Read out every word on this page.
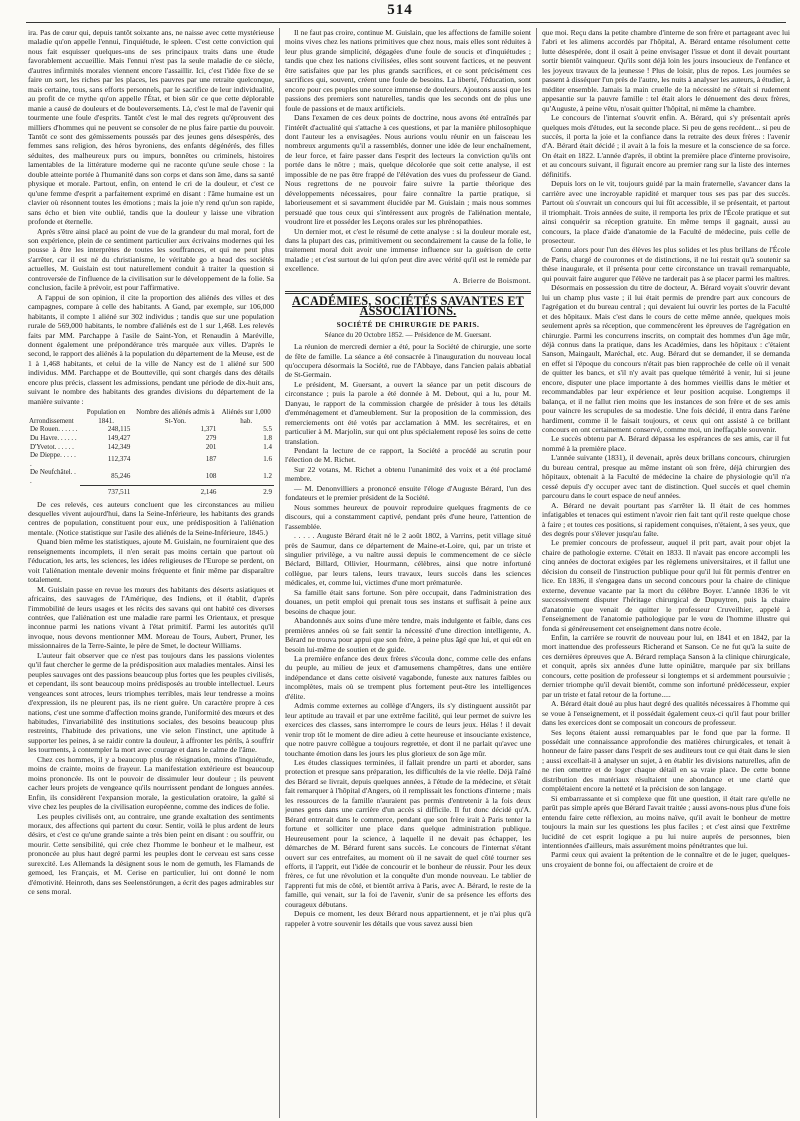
514

ira. Pas de cœur qui, depuis tantôt soixante ans, ne naisse avec cette mystérieuse maladie qu'on appelle l'ennui, l'inquiétude, le spleen. C'est cette conviction qui nous fait esquisser quelques-uns de ses principaux traits dans une étude favorablement accueillie. Mais l'ennui n'est pas la seule maladie de ce siècle, d'autres infirmités morales viennent encore l'assaillir. Ici, c'est l'idée fixe de se faire un sort, les riches par les places, les pauvres par une retraite quelconque, mais certaine, tous, sans efforts personnels, par le sacrifice de leur individualité, au profit de ce mythe qu'on appelle l'État, et bien sûr ce que cette déplorable manie a causé de douleurs et de bouleversements. Là, c'est le mal de l'avenir qui tourmente une foule d'esprits. Tantôt c'est le mal des regrets qu'éprouvent des milliers d'hommes qui ne peuvent se consoler de ne plus faire partie du pouvoir. Tantôt ce sont des gémissements poussés par des jeunes gens désespérés, des femmes sans religion, des héros byroniens, des enfants dégénérés, des filles séduites, des malheureux purs ou impurs, bonnêtes ou criminels, histoires lamentables de la littérature moderne qui ne raconte qu'une seule chose : la double atteinte portée à l'humanité dans son corps et dans son âme, dans sa santé physique et morale. Partout, enfin, on entend le cri de la douleur, et c'est ce qu'une femme d'esprit a parfaitement exprimé en disant : l'âme humaine est un clavier où résonnent toutes les émotions ; mais la joie n'y rend qu'un son rapide, sans écho et bien vite oublié, tandis que la douleur y laisse une vibration profonde et éternelle.

Après s'être ainsi placé au point de vue de la grandeur du mal moral, fort de son expérience, plein de ce sentiment particulier aux écrivains modernes qui les pousse à être les interprètes de toutes les souffrances, et qui ne peut plus s'arrêter, car il est né du christianisme, le véritable go a head des sociétés actuelles, M. Guislain est tout naturellement conduit à traiter la question si controversée de l'influence de la civilisation sur le développement de la folie. Sa conclusion, facile à prévoir, est pour l'affirmative.

A l'appui de son opinion, il cite la proportion des aliénés des villes et des campagnes, compare à celle des habitants. A Gand, par exemple, sur 106,000 habitants, il compte 1 aliéné sur 302 individus ; tandis que sur une population rurale de 569,000 habitants, le nombre d'aliénés est de 1 sur 1,468. Les relevés faits par MM. Parchappe à l'asile de Saint-Yon, et Renaudin à Maréville, donnent également une prépondérance très marquée aux villes. D'après le second, le rapport des aliénés à la population du département de la Meuse, est de 1 à 1,468 habitants, et celui de la ville de Nancy est de 1 aliéné sur 500 individus. MM. Parchappe et de Boutteville, qui sont chargés dans des détails encore plus précis, classent les admissions, pendant une période de dix-huit ans, suivant le nombre des habitants des grandes divisions du département de la manière suivante :

Arrondissement	Population en 1841.	Nombre des aliénés admis à St-Yon.	Aliénés sur 1,000 hab.
De Rouen. . . . . .	248,115	1,371	5.5
Du Havre. . . . . .	149,427	279	1.8
D'Yvetot. . . . . .	142,349	201	1.4
De Dieppe. . . . . .	112,374	187	1.6
De Neufchâtel. . .	85,246	108	1.2
	737,511	2,146	2.9

De ces relevés, ces auteurs concluent que les circonstances au milieu desquelles vivent aujourd'hui, dans la Seine-Inférieure, les habitants des grands centres de population, constituent pour eux, une prédisposition à l'aliénation mentale. (Notice statistique sur l'asile des aliénés de la Seine-Inférieure, 1845.)

Quand bien même les statistiques, ajoute M. Guislain, ne fourniraient que des renseignements incomplets, il n'en serait pas moins certain que partout où l'éducation, les arts, les sciences, les idées religieuses de l'Europe se perdent, on voit l'aliénation mentale devenir moins fréquente et finir même par disparaître totalement.

M. Guislain passe en revue les mœurs des habitants des déserts asiatiques et africains, des sauvages de l'Amérique, des Indiens, et il établit, d'après l'immobilité de leurs usages et les récits des savans qui ont habité ces diverses contrées, que l'aliénation est une maladie rare parmi les Orientaux, et presque inconnue parmi les nations vivant à l'état primitif. Parmi les autorités qu'il invoque, nous devons mentionner MM. Moreau de Tours, Aubert, Pruner, les missionnaires de la Terre-Sainte, le père de Smet, le docteur Williams.

L'auteur fait observer que ce n'est pas toujours dans les passions violentes qu'il faut chercher le germe de la prédisposition aux maladies mentales. Ainsi les peuples sauvages ont des passions beaucoup plus fortes que les peuples civilisés, et cependant, ils sont beaucoup moins prédisposés au trouble intellectuel. Leurs vengeances sont atroces, leurs triomphes terribles, mais leur tendresse a moins d'expression, ils ne pleurent pas, ils ne rient guère. Un caractère propre à ces nations, c'est une somme d'affection moins grande, l'uniformité des mœurs et des habitudes, l'invariabilité des institutions sociales, des besoins beaucoup plus restreints, l'habitude des privations, une vie selon l'instinct, une aptitude à supporter les peines, à se raidir contre la douleur, à affronter les périls, à souffrir les tourments, à contempler la mort avec courage et dans le calme de l'âme.

Chez ces hommes, il y a beaucoup plus de résignation, moins d'inquiétude, moins de crainte, moins de frayeur. La manifestation extérieure est beaucoup moins prononcée. Ils ont le pouvoir de dissimuler leur douleur ; ils peuvent cacher leurs projets de vengeance qu'ils nourrissent pendant de longues années. Enfin, ils considèrent l'expansion morale, la gesticulation oratoire, la gaîté si vive chez les peuples de la civilisation européenne, comme des indices de folie.

Les peuples civilisés ont, au contraire, une grande exaltation des sentiments moraux, des affections qui partent du cœur. Sentir, voilà le plus ardent de leurs désirs, et c'est ce qu'une grande sainte a très bien peint en disant : ou souffrir, ou mourir. Cette sensibilité, qui crée chez l'homme le bonheur et le malheur, est prononcée au plus haut degré parmi les peuples dont le cerveau est sans cesse surexcité. Les Allemands la désignent sous le nom de gemuth, les Flamands de gemoed, les Français, et M. Cerise en particulier, lui ont donné le nom d'émotivité. Heinroth, dans ses Seelenstörungen, a écrit des pages admirables sur ce sens moral.

Il ne faut pas croire, continue M. Guislain, que les affections de famille soient moins vives chez les nations primitives que chez nous, mais elles sont réduites à leur plus grande simplicité, dégagées d'une foule de soucis et d'inquiétudes ; tandis que chez les nations civilisées, elles sont souvent factices, et ne peuvent être satisfaites que par les plus grands sacrifices, et ce sont précisément ces sacrifices qui, souvent, créent une foule de besoins. La liberté, l'éducation, sont encore pour ces peuples une source immense de douleurs. Ajoutons aussi que les passions des premiers sont naturelles, tandis que les seconds ont de plus une foule de passions et de maux artificiels.

Dans l'examen de ces deux points de doctrine, nous avons été entraînés par l'intérêt d'actualité qui s'attache à ces questions, et par la manière philosophique dont l'auteur les a envisagées. Nous aurions voulu réunir en un faisceau les nombreux arguments qu'il a rassemblés, donner une idée de leur enchaînement, de leur force, et faire passer dans l'esprit des lecteurs la conviction qu'ils ont portée dans le nôtre ; mais, quelque décolorée que soit cette analyse, il est impossible de ne pas être frappé de l'élévation des vues du professeur de Gand. Nous regrettons de ne pouvoir faire suivre la partie théorique des développements nécessaires, pour faire connaître la partie pratique, si laborieusement et si savamment élucidée par M. Guislain ; mais nous sommes persuadé que tous ceux qui s'intéressent aux progrès de l'aliénation mentale, voudront lire et posséder les Leçons orales sur les phrénopathies.

Un dernier mot, et c'est le résumé de cette analyse : si la douleur morale est, dans la plupart des cas, primitivement ou secondairement la cause de la folie, le traitement moral doit avoir une immense influence sur la guérison de cette maladie ; et c'est surtout de lui qu'on peut dire avec vérité qu'il est le remède par excellence.

A. Brierre de Boismont.
ACADÉMIES, SOCIÉTÉS SAVANTES ET ASSOCIATIONS.
SOCIÉTÉ DE CHIRURGIE DE PARIS.
Séance du 20 Octobre 1852. — Présidence de M. Guersant.

La réunion de mercredi dernier a été, pour la Société de chirurgie, une sorte de fête de famille. La séance a été consacrée à l'inauguration du nouveau local qu'occupera désormais la Société, rue de l'Abbaye, dans l'ancien palais abbatial de St-Germain.

Le président, M. Guersant, a ouvert la séance par un petit discours de circonstance ; puis la parole a été donnée à M. Debout, qui a lu, pour M. Danyau, le rapport de la commission chargée de présider à tous les détails d'emménagement et d'ameublement. Sur la proposition de la commission, des remerciements ont été votés par acclamation à MM. les secrétaires, et en particulier à M. Marjolin, sur qui ont plus spécialement reposé les soins de cette translation.

Pendant la lecture de ce rapport, la Société a procédé au scrutin pour l'élection de M. Richet.

Sur 22 votans, M. Richet a obtenu l'unanimité des voix et a été proclamé membre.

— M. Denonvilliers a prononcé ensuite l'éloge d'Auguste Bérard, l'un des fondateurs et le premier président de la Société.

Nous sommes heureux de pouvoir reproduire quelques fragments de ce discours, qui a constamment captivé, pendant près d'une heure, l'attention de l'assemblée.

. . . . . Auguste Bérard était né le 2 août 1802, à Varrins, petit village situé près de Saumur, dans ce département de Maine-et-Loire, qui, par un triste et singulier privilège, a vu naître aussi depuis le commencement de ce siècle Béclard, Billard, Ollivier, Hourmann, célèbres, ainsi que notre infortuné collègue, par leurs talens, leurs travaux, leurs succès dans les sciences médicales, et, comme lui, victimes d'une mort prématurée.

Sa famille était sans fortune. Son père occupait, dans l'administration des douanes, un petit emploi qui prenait tous ses instans et suffisait à peine aux besoins de chaque jour.

Abandonnés aux soins d'une mère tendre, mais indulgente et faible, dans ces premières années où se fait sentir la nécessité d'une direction intelligente, A. Bérard ne trouva pour appui que son frère, à peine plus âgé que lui, et qui eût en besoin lui-même de soutien et de guide.

La première enfance des deux frères s'écoula donc, comme celle des enfans du peuple, au milieu de jeux et d'amusemens champêtres, dans une entière indépendance et dans cette oisiveté vagabonde, funeste aux natures faibles ou incomplètes, mais où se trempent plus fortement peut-être les intelligences d'élite.

Admis comme externes au collège d'Angers, ils s'y distinguent aussitôt par leur aptitude au travail et par une extrême facilité, qui leur permet de suivre les exercices des classes, sans interrompre le cours de leurs jeux. Hélas ! il devait venir trop tôt le moment de dire adieu à cette heureuse et insouciante existence, que notre pauvre collègue a toujours regrettée, et dont il ne parlait qu'avec une touchante émotion dans les jours les plus glorieux de son âge mûr.

Les études classiques terminées, il fallait prendre un parti et aborder, sans protection et presque sans préparation, les difficultés de la vie réelle. Déjà l'aîné des Bérard se livrait, depuis quelques années, à l'étude de la médecine, et s'était fait remarquer à l'hôpital d'Angers, où il remplissait les fonctions d'interne ; mais les ressources de la famille n'auraient pas permis d'entretenir à la fois deux jeunes gens dans une carrière d'un accès si difficile. Il fut donc décidé qu'A. Bérard entrerait dans le commerce, pendant que son frère irait à Paris tenter la fortune et solliciter une place dans quelque administration publique. Heureusement pour la science, à laquelle il ne devait pas échapper, les démarches de M. Bérard furent sans succès. Le concours de l'internat s'étant ouvert sur ces entrefaites, au moment où il ne savait de quel côté tourner ses efforts, il l'apprit, eut l'idée de concourir et le bonheur de réussir. Pour les deux frères, ce fut une révolution et la conquête d'un monde nouveau. Le tablier de l'apprenti fut mis de côté, et bientôt arriva à Paris, avec A. Bérard, le reste de la famille, qui venait, sur la foi de l'avenir, s'unir de sa présence les efforts des courageux débutans.

Depuis ce moment, les deux Bérard nous appartiennent, et je n'ai plus qu'à rappeler à votre souvenir les détails que vous savez aussi bien

que moi. Reçu dans la petite chambre d'interne de son frère et partageant avec lui l'abri et les alimens accordés par l'hôpital, A. Bérard entame résolument cette lutte désespérée, dont il osait à peine envisager l'issue et dont il devait pourtant sortir bientôt vainqueur. Qu'ils sont déjà loin les jours insoucieux de l'enfance et les joyeux travaux de la jeunesse ! Plus de loisir, plus de repos. Les journées se passent à disséquer l'un près de l'autre, les nuits à analyser les auteurs, à étudier, à méditer ensemble. Jamais la main cruelle de la nécessité ne s'était si rudement appesantie sur la pauvre famille : tel était alors le dénuement des deux frères, qu'Auguste, à peine vêtu, n'osait quitter l'hôpital, ni même la chambre.

Le concours de l'internat s'ouvrit enfin. A. Bérard, qui s'y présentait après quelques mois d'études, eut la seconde place. Si peu de gens recédent... si peu de succès, il porta la joie et la confiance dans la retraite des deux frères : l'avenir d'A. Bérard était décidé ; il avait à la fois la mesure et la conscience de sa force. On était en 1822. L'année d'après, il obtint la première place d'interne provisoire, et au concours suivant, il figurait encore au premier rang sur la liste des internes définitifs.

Depuis lors on le vit, toujours guidé par la main fraternelle, s'avancer dans la carrière avec une incroyable rapidité et marquer tous ses pas par des succès. Partout où s'ouvrait un concours qui lui fût accessible, il se présentait, et partout il triomphait. Trois années de suite, il remporta les prix de l'École pratique et sut ainsi conquérir sa réception gratuite. En même temps il gagnait, aussi au concours, la place d'aide d'anatomie de la Faculté de médecine, puis celle de prosecteur.

Connu alors pour l'un des élèves les plus solides et les plus brillans de l'École de Paris, chargé de couronnes et de distinctions, il ne lui restait qu'à soutenir sa thèse inaugurale, et il présenta pour cette circonstance un travail remarquable, qui pouvait faire augurer que l'élève ne tarderait pas à se placer parmi les maîtres.

Désormais en possession du titre de docteur, A. Bérard voyait s'ouvrir devant lui un champ plus vaste ; il lui était permis de prendre part aux concours de l'agrégation et du bureau central ; qui devaient lui ouvrir les portes de la Faculté et des hôpitaux. Mais c'est dans le cours de cette même année, quelques mois seulement après sa réception, que commencèrent les épreuves de l'agrégation en chirurgie. Parmi les concurrens inscrits, on comptait des hommes d'un âge mûr, déjà connus dans la pratique, dans les Académies, dans les hôpitaux : c'étaient Sanson, Maingault, Maréchal, etc. Aug. Bérard dut se demander, il se demanda en effet si l'époque du concours n'était pas bien rapprochée de celle où il venait de quitter les bancs, et s'il n'y avait pas quelque témérité à venir, lui si jeune encore, disputer une place importante à des hommes vieillis dans le métier et recommandables par leur expérience et leur position acquise. Longtemps il balança, et il ne fallut rien moins que les instances de son frère et de ses amis pour vaincre les scrupules de sa modestie. Une fois décidé, il entra dans l'arène hardiment, comme il le faisait toujours, et ceux qui ont assisté à ce brillant concours en ont certainement conservé, comme moi, un ineffaçable souvenir.

Le succès obtenu par A. Bérard dépassa les espérances de ses amis, car il fut nommé à la première place.

L'année suivante (1831), il devenait, après deux brillans concours, chirurgien du bureau central, presque au même instant où son frère, déjà chirurgien des hôpitaux, obtenait à la Faculté de médecine la chaire de physiologie qu'il n'a cessé depuis d'y occuper avec tant de distinction. Quel succès et quel chemin parcouru dans le court espace de neuf années.

A. Bérard ne devait pourtant pas s'arrêter là. Il était de ces hommes infatigables et tenaces qui estiment n'avoir rien fait tant qu'il reste quelque chose à faire ; et toutes ces positions, si rapidement conquises, n'étaient, à ses yeux, que des degrés pour s'élever jusqu'au faîte.

Le premier concours de professeur, auquel il prit part, avait pour objet la chaire de pathologie externe. C'était en 1833. Il n'avait pas encore accompli les cinq années de doctorat exigées par les règlemens universitaires, et il fallut une décision du conseil de l'instruction publique pour qu'il lui fût permis d'entrer en lice. En 1836, il s'engagea dans un second concours pour la chaire de clinique externe, devenue vacante par la mort du célèbre Boyer. L'année 1836 le vit successivement disputer l'héritage chirurgical de Dupuytren, puis la chaire d'anatomie que venait de quitter le professeur Cruveilhier, appelé à l'enseignement de l'anatomie pathologique par le vœu de l'homme illustre qui fonda si généreusement cet enseignement dans notre école.

Enfin, la carrière se rouvrit de nouveau pour lui, en 1841 et en 1842, par la mort inattendue des professeurs Richerand et Sanson. Ce ne fut qu'à la suite de ces dernières épreuves que A. Bérard remplaça Sanson à la clinique chirurgicale, et conquit, après six années d'une lutte opiniâtre, marquée par six brillans concours, cette position de professeur si longtemps et si ardemment poursuivie ; dernier triomphe qu'il devait bientôt, comme son infortuné prédécesseur, expier par un triste et fatal retour de la fortune.....

A. Bérard était doué au plus haut degré des qualités nécessaires à l'homme qui se voue à l'enseignement, et il possédait également ceux-ci qu'il faut pour briller dans les exercices dont se composait un concours de professeur.

Ses leçons étaient aussi remarquables par le fond que par la forme. Il possédait une connaissance approfondie des matières chirurgicales, et tenait à honneur de faire passer dans l'esprit de ses auditeurs tout ce qui était dans le sien ; aussi excellait-il à analyser un sujet, à en établir les divisions naturelles, afin de ne rien omettre et de loger chaque détail en sa vraie place. De cette bonne distribution des matériaux résultaient une abondance et une clarté que complétaient encore la netteté et la précision de son langage.

Si embarrassante et si complexe que fût une question, il était rare qu'elle ne parût pas simple après que Bérard l'avait traitée ; aussi avons-nous plus d'une fois entendu faire cette réflexion, au moins naïve, qu'il avait le bonheur de mettre toujours la main sur les questions les plus faciles ; et c'est ainsi que l'extrême lucidité de cet esprit logique a pu lui nuire auprès de personnes, bien intentionnées d'ailleurs, mais assurément moins pénétrantes que lui.

Parmi ceux qui avaient la prétention de le connaître et de le juger, quelques-uns croyaient de bonne foi, ou affectaient de croire et de
